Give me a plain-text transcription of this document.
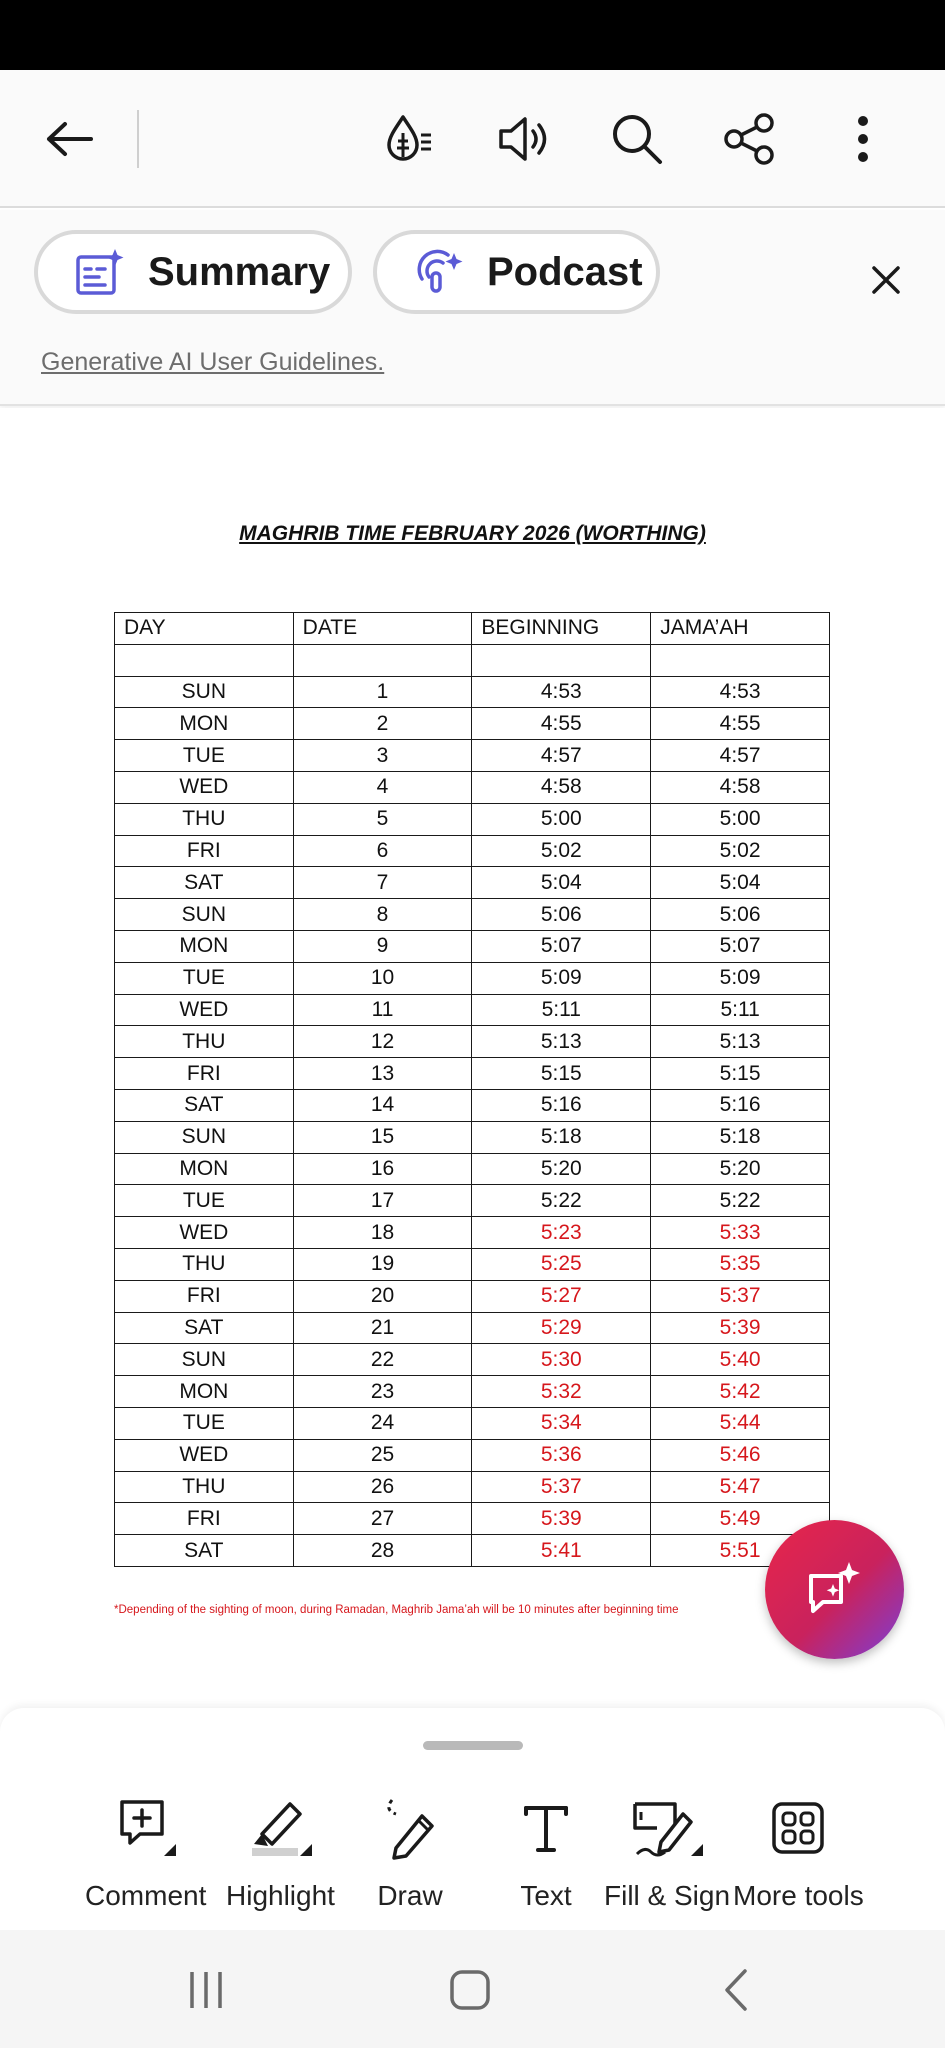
Summary	Podcast
Generative AI User Guidelines.
MAGHRIB TIME FEBRUARY 2026 (WORTHING)
DAY	DATE	BEGINNING	JAMA’AH

SUN	1	4:53	4:53
MON	2	4:55	4:55
TUE	3	4:57	4:57
WED	4	4:58	4:58
THU	5	5:00	5:00
FRI	6	5:02	5:02
SAT	7	5:04	5:04
SUN	8	5:06	5:06
MON	9	5:07	5:07
TUE	10	5:09	5:09
WED	11	5:11	5:11
THU	12	5:13	5:13
FRI	13	5:15	5:15
SAT	14	5:16	5:16
SUN	15	5:18	5:18
MON	16	5:20	5:20
TUE	17	5:22	5:22
WED	18	5:23	5:33
THU	19	5:25	5:35
FRI	20	5:27	5:37
SAT	21	5:29	5:39
SUN	22	5:30	5:40
MON	23	5:32	5:42
TUE	24	5:34	5:44
WED	25	5:36	5:46
THU	26	5:37	5:47
FRI	27	5:39	5:49
SAT	28	5:41	5:51
*Depending of the sighting of moon, during Ramadan, Maghrib Jama’ah will be 10 minutes after beginning time
Comment Highlight Draw	Text Fill & Sign More tools
